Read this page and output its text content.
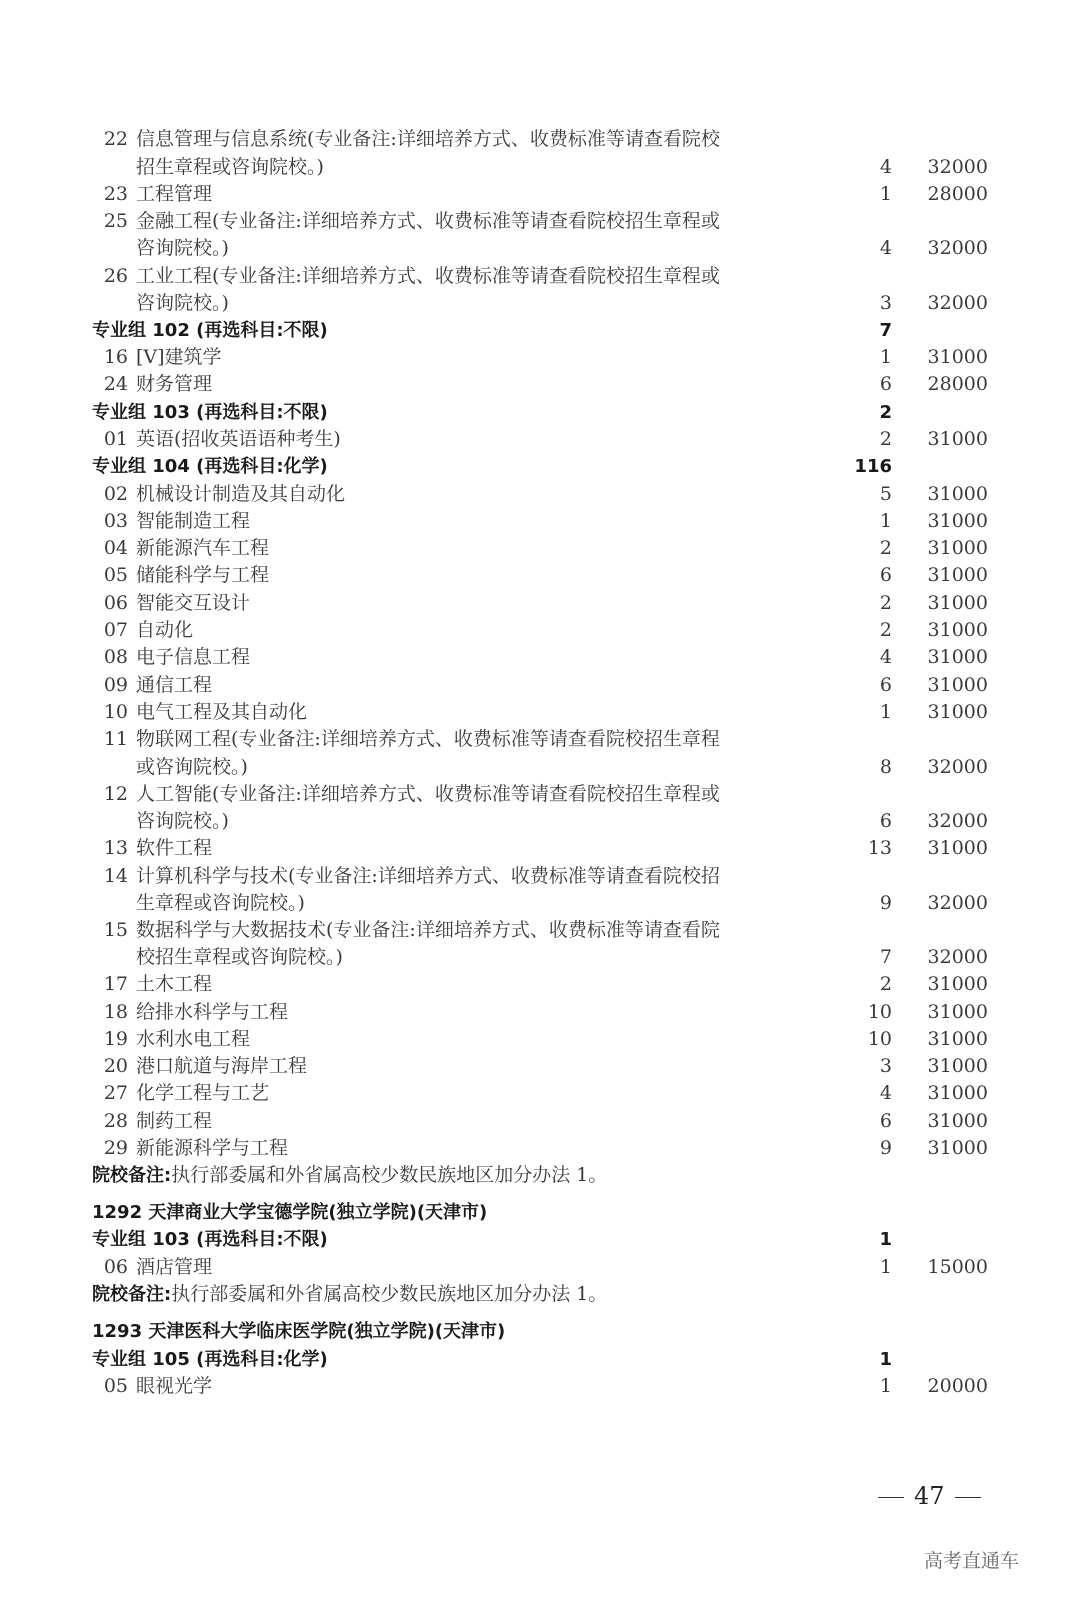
22 信息管理与信息系统(专业备注:详细培养方式、收费标准等请查看院校
招生章程或咨询院校。)	4	32000
23 工程管理	1	28000
25 金融工程(专业备注:详细培养方式、收费标准等请查看院校招生章程或
咨询院校。)	4	32000
26 工业工程(专业备注:详细培养方式、收费标准等请查看院校招生章程或
咨询院校。)	3	32000
专业组 102 (再选科目:不限)	7
16 [V]建筑学	1	31000
24 财务管理	6	28000
专业组 103 (再选科目:不限)	2
01 英语(招收英语语种考生)	2	31000
专业组 104 (再选科目:化学)	116
02 机械设计制造及其自动化	5	31000
03 智能制造工程	1	31000
04 新能源汽车工程	2	31000
05 储能科学与工程	6	31000
06 智能交互设计	2	31000
07 自动化	2	31000
08 电子信息工程	4	31000
09 通信工程	6	31000
10 电气工程及其自动化	1	31000
11 物联网工程(专业备注:详细培养方式、收费标准等请查看院校招生章程
或咨询院校。)	8	32000
12 人工智能(专业备注:详细培养方式、收费标准等请查看院校招生章程或
咨询院校。)	6	32000
13 软件工程	13	31000
14 计算机科学与技术(专业备注:详细培养方式、收费标准等请查看院校招
生章程或咨询院校。)	9	32000
15 数据科学与大数据技术(专业备注:详细培养方式、收费标准等请查看院
校招生章程或咨询院校。)	7	32000
17 土木工程	2	31000
18 给排水科学与工程	10	31000
19 水利水电工程	10	31000
20 港口航道与海岸工程	3	31000
27 化学工程与工艺	4	31000
28 制药工程	6	31000
29 新能源科学与工程	9	31000
院校备注:执行部委属和外省属高校少数民族地区加分办法 1。
1292 天津商业大学宝德学院(独立学院)(天津市)
专业组 103 (再选科目:不限)	1
06 酒店管理	1	15000
院校备注:执行部委属和外省属高校少数民族地区加分办法 1。
1293 天津医科大学临床医学院(独立学院)(天津市)
专业组 105 (再选科目:化学)	1
05 眼视光学	1	20000
47
高考直通车
